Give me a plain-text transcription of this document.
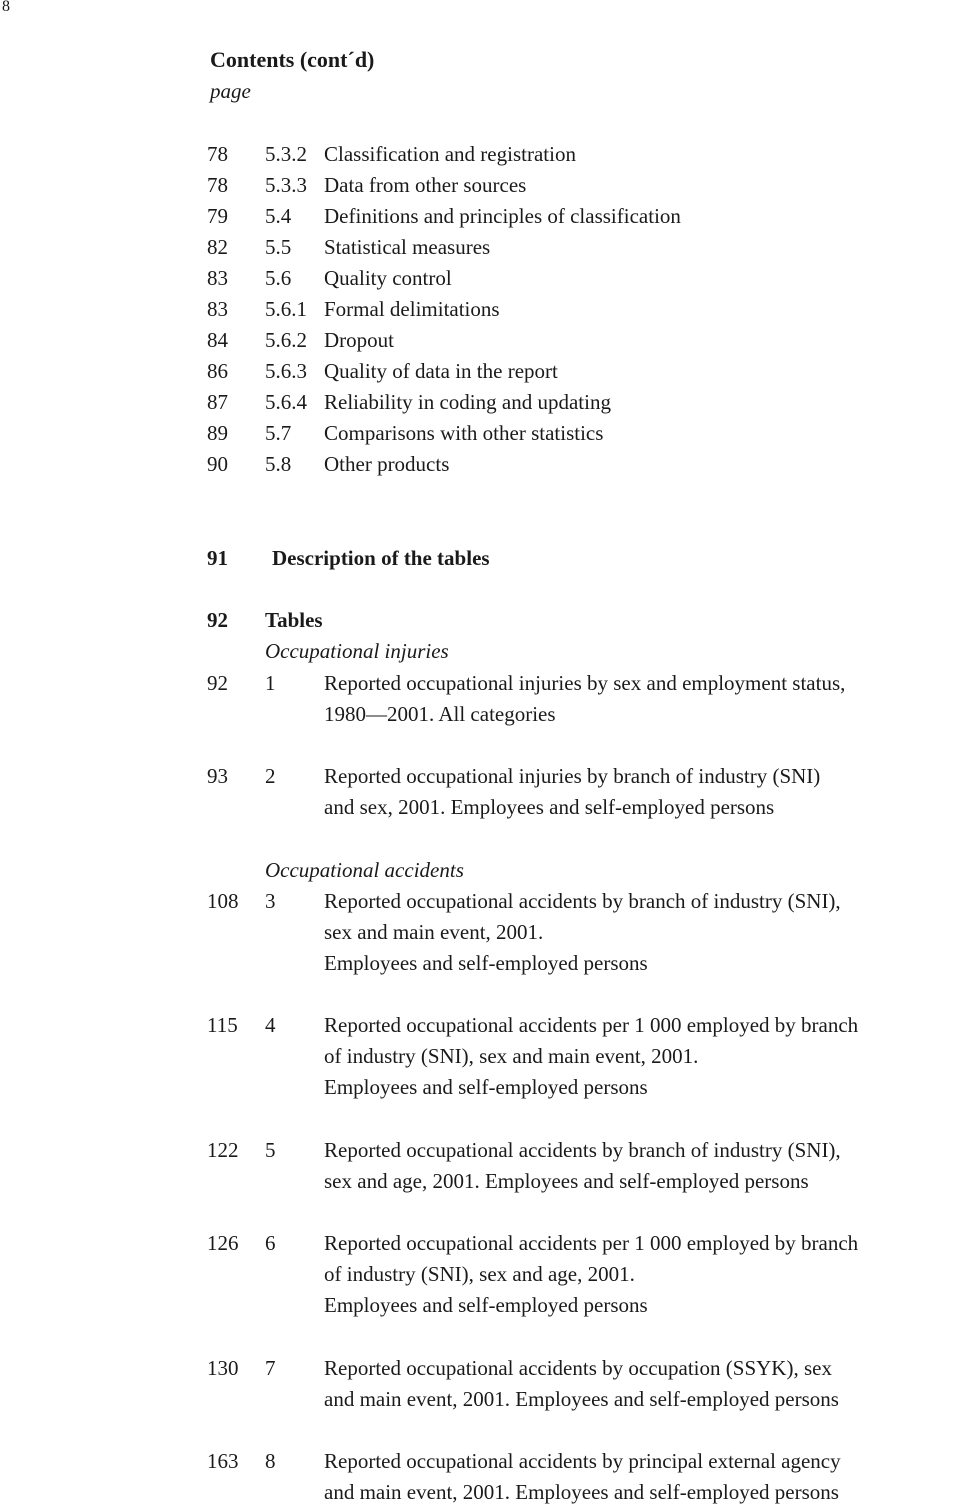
8
Contents (cont´d)
page
78 5.3.2 Classification and registration
78 5.3.3 Data from other sources
79 5.4 Definitions and principles of classification
82 5.5 Statistical measures
83 5.6 Quality control
83 5.6.1 Formal delimitations
84 5.6.2 Dropout
86 5.6.3 Quality of data in the report
87 5.6.4 Reliability in coding and updating
89 5.7 Comparisons with other statistics
90 5.8 Other products
91 Description of the tables
92 Tables
Occupational injuries
92 1 Reported occupational injuries by sex and employment status,
1980—2001. All categories
93 2 Reported occupational injuries by branch of industry (SNI)
and sex, 2001. Employees and self-employed persons
Occupational accidents
108 3 Reported occupational accidents by branch of industry (SNI),
sex and main event, 2001.
Employees and self-employed persons
115 4 Reported occupational accidents per 1 000 employed by branch
of industry (SNI), sex and main event, 2001.
Employees and self-employed persons
122 5 Reported occupational accidents by branch of industry (SNI),
sex and age, 2001. Employees and self-employed persons
126 6 Reported occupational accidents per 1 000 employed by branch
of industry (SNI), sex and age, 2001.
Employees and self-employed persons
130 7 Reported occupational accidents by occupation (SSYK), sex
and main event, 2001. Employees and self-employed persons
163 8 Reported occupational accidents by principal external agency
and main event, 2001. Employees and self-employed persons
